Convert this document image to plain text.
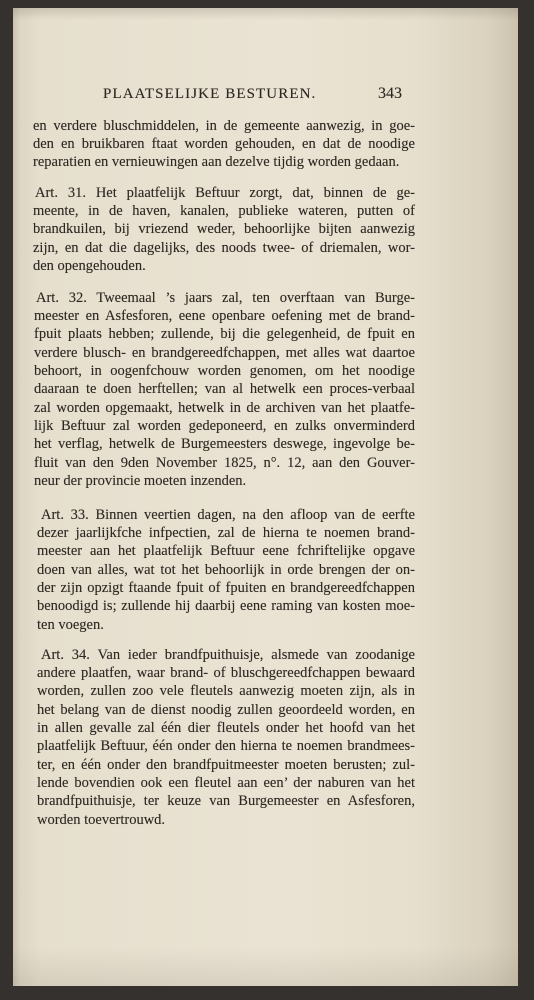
PLAATSELIJKE BESTUREN.	343
en verdere bluschmiddelen, in de gemeente aanwezig, in goe-
den en bruikbaren ftaat worden gehouden, en dat de noodige
reparatien en vernieuwingen aan dezelve tijdig worden gedaan.
Art. 31. Het plaatfelijk Beftuur zorgt, dat, binnen de ge-
meente, in de haven, kanalen, publieke wateren, putten of
brandkuilen, bij vriezend weder, behoorlijke bijten aanwezig
zijn, en dat die dagelijks, des noods twee- of driemalen, wor-
den opengehouden.
Art. 32. Tweemaal ’s jaars zal, ten overftaan van Burge-
meester en Asfesforen, eene openbare oefening met de brand-
fpuit plaats hebben; zullende, bij die gelegenheid, de fpuit en
verdere blusch- en brandgereedfchappen, met alles wat daartoe
behoort, in oogenfchouw worden genomen, om het noodige
daaraan te doen herftellen; van al hetwelk een proces-verbaal
zal worden opgemaakt, hetwelk in de archiven van het plaatfe-
lijk Beftuur zal worden gedeponeerd, en zulks onverminderd
het verflag, hetwelk de Burgemeesters deswege, ingevolge be-
fluit van den 9den November 1825, n°. 12, aan den Gouver-
neur der provincie moeten inzenden.
Art. 33. Binnen veertien dagen, na den afloop van de eerfte
dezer jaarlijkfche infpectien, zal de hierna te noemen brand-
meester aan het plaatfelijk Beftuur eene fchriftelijke opgave
doen van alles, wat tot het behoorlijk in orde brengen der on-
der zijn opzigt ftaande fpuit of fpuiten en brandgereedfchappen
benoodigd is; zullende hij daarbij eene raming van kosten moe-
ten voegen.
Art. 34. Van ieder brandfpuithuisje, alsmede van zoodanige
andere plaatfen, waar brand- of bluschgereedfchappen bewaard
worden, zullen zoo vele fleutels aanwezig moeten zijn, als in
het belang van de dienst noodig zullen geoordeeld worden, en
in allen gevalle zal één dier fleutels onder het hoofd van het
plaatfelijk Beftuur, één onder den hierna te noemen brandmees-
ter, en één onder den brandfpuitmeester moeten berusten; zul-
lende bovendien ook een fleutel aan een’ der naburen van het
brandfpuithuisje, ter keuze van Burgemeester en Asfesforen,
worden toevertrouwd.
